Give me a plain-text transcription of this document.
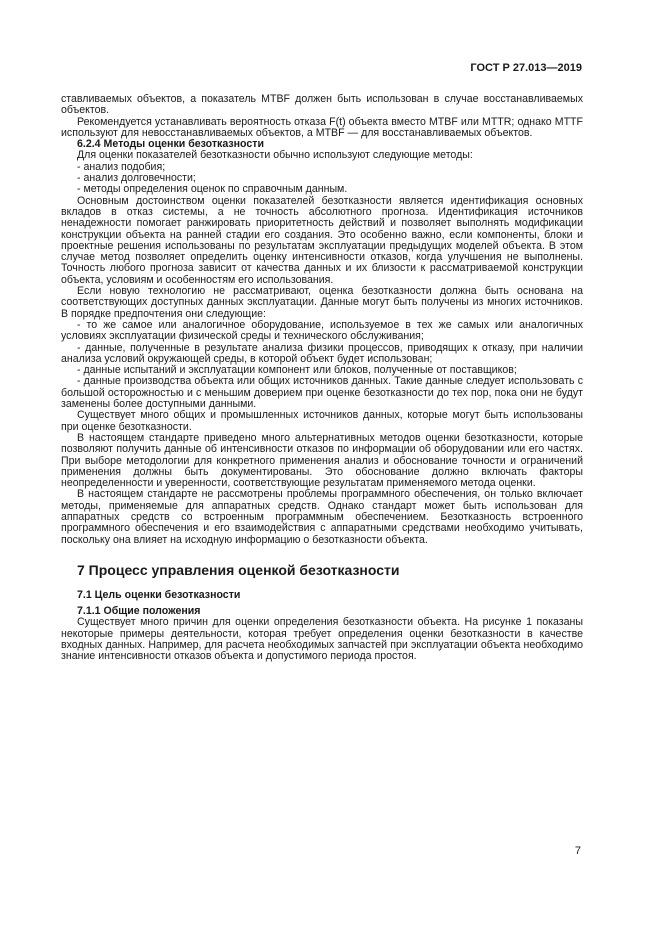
ГОСТ Р 27.013—2019

ставливаемых объектов, а показатель MTBF должен быть использован в случае восстанавливаемых объектов.

Рекомендуется устанавливать вероятность отказа F(t) объекта вместо MTBF или MTTR; однако MTTF используют для невосстанавливаемых объектов, а MTBF — для восстанавливаемых объектов.

6.2.4 Методы оценки безотказности

Для оценки показателей безотказности обычно используют следующие методы:

- анализ подобия;

- анализ долговечности;

- методы определения оценок по справочным данным.

Основным достоинством оценки показателей безотказности является идентификация основных вкладов в отказ системы, а не точность абсолютного прогноза. Идентификация источников ненадежности помогает ранжировать приоритетность действий и позволяет выполнять модификации конструкции объекта на ранней стадии его создания. Это особенно важно, если компоненты, блоки и проектные решения использованы по результатам эксплуатации предыдущих моделей объекта. В этом случае метод позволяет определить оценку интенсивности отказов, когда улучшения не выполнены. Точность любого прогноза зависит от качества данных и их близости к рассматриваемой конструкции объекта, условиям и особенностям его использования.

Если новую технологию не рассматривают, оценка безотказности должна быть основана на соответствующих доступных данных эксплуатации. Данные могут быть получены из многих источников. В порядке предпочтения они следующие:

- то же самое или аналогичное оборудование, используемое в тех же самых или аналогичных условиях эксплуатации физической среды и технического обслуживания;

- данные, полученные в результате анализа физики процессов, приводящих к отказу, при наличии анализа условий окружающей среды, в которой объект будет использован;

- данные испытаний и эксплуатации компонент или блоков, полученные от поставщиков;

- данные производства объекта или общих источников данных. Такие данные следует использовать с большой осторожностью и с меньшим доверием при оценке безотказности до тех пор, пока они не будут заменены более доступными данными.

Существует много общих и промышленных источников данных, которые могут быть использованы при оценке безотказности.

В настоящем стандарте приведено много альтернативных методов оценки безотказности, которые позволяют получить данные об интенсивности отказов по информации об оборудовании или его частях. При выборе методологии для конкретного применения анализ и обоснование точности и ограничений применения должны быть документированы. Это обоснование должно включать факторы неопределенности и уверенности, соответствующие результатам применяемого метода оценки.

В настоящем стандарте не рассмотрены проблемы программного обеспечения, он только включает методы, применяемые для аппаратных средств. Однако стандарт может быть использован для аппаратных средств со встроенным программным обеспечением. Безотказность встроенного программного обеспечения и его взаимодействия с аппаратными средствами необходимо учитывать, поскольку она влияет на исходную информацию о безотказности объекта.

7 Процесс управления оценкой безотказности

7.1 Цель оценки безотказности

7.1.1 Общие положения

Существует много причин для оценки определения безотказности объекта. На рисунке 1 показаны некоторые примеры деятельности, которая требует определения оценки безотказности в качестве входных данных. Например, для расчета необходимых запчастей при эксплуатации объекта необходимо знание интенсивности отказов объекта и допустимого периода простоя.

7
